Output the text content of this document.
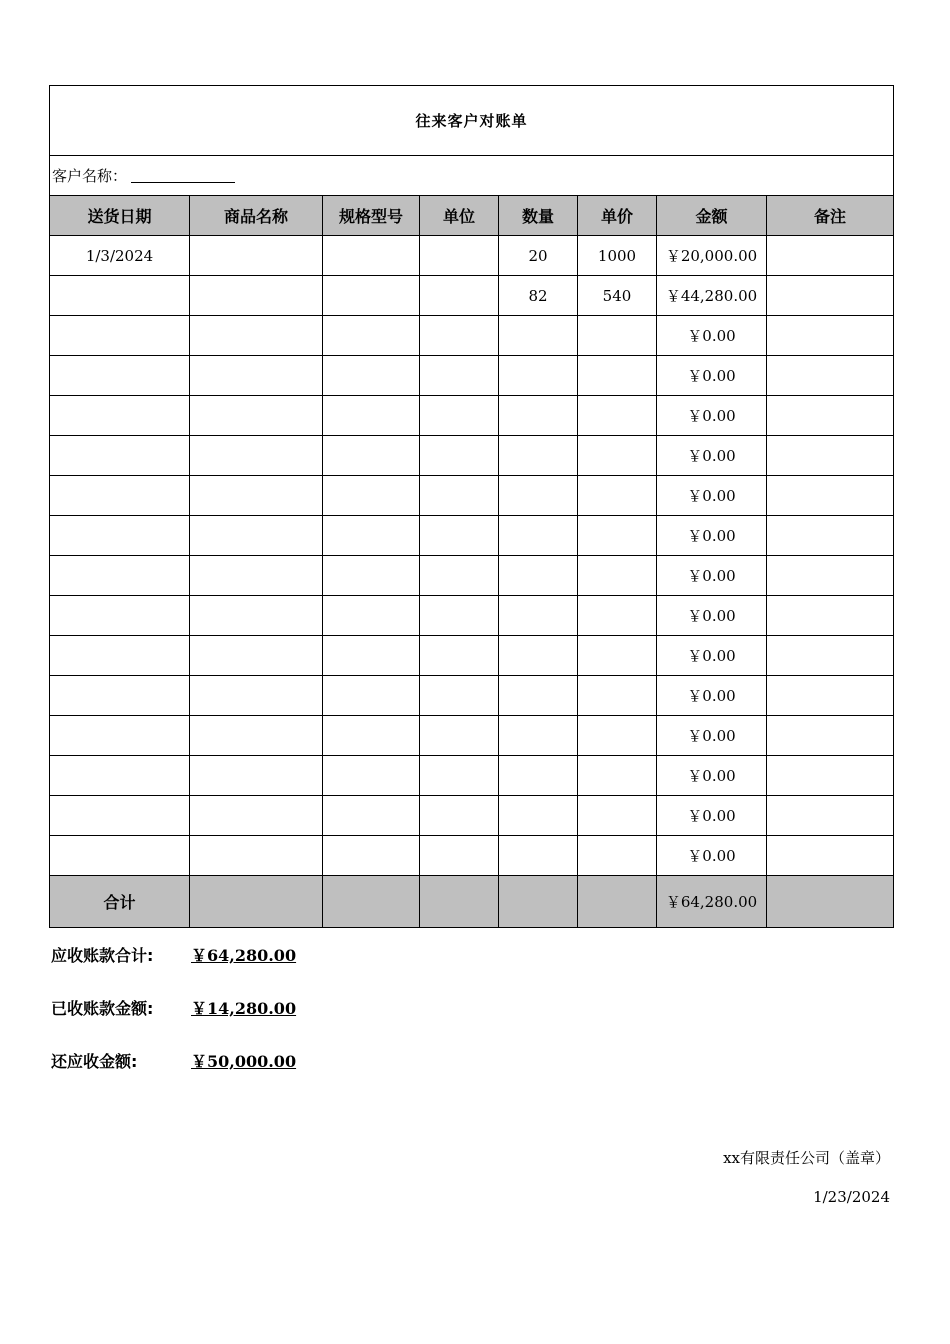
往来客户对账单							
客户名称：							
送货日期	商品名称	规格型号	单位	数量	单价	金额	备注
1/3/2024				20	1000	￥20,000.00	
				82	540	￥44,280.00	
						￥0.00	
						￥0.00	
						￥0.00	
						￥0.00	
						￥0.00	
						￥0.00	
						￥0.00	
						￥0.00	
						￥0.00	
						￥0.00	
						￥0.00	
						￥0.00	
						￥0.00	
						￥0.00	
合计						￥64,280.00	
应收账款合计: ￥64,280.00
已收账款金额: ￥14,280.00
还应收金额:	￥50,000.00
xx有限责任公司（盖章）
1/23/2024
